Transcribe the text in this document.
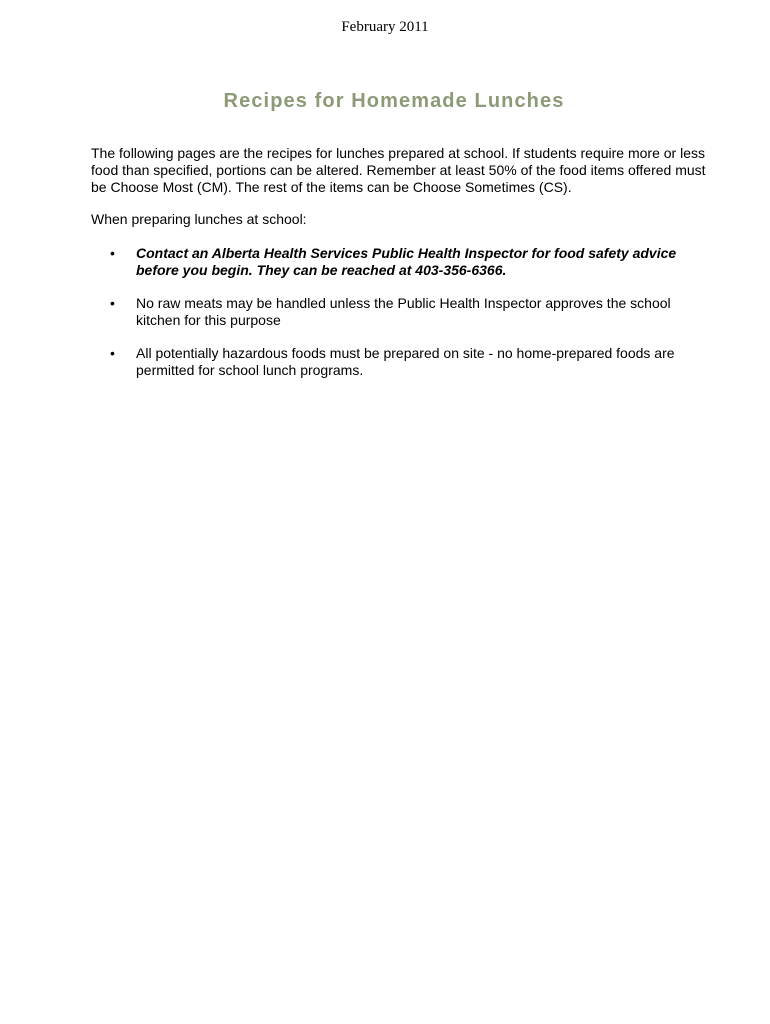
February 2011
Recipes for Homemade Lunches

The following pages are the recipes for lunches prepared at school. If students require more or less food than specified, portions can be altered. Remember at least 50% of the food items offered must be Choose Most (CM). The rest of the items can be Choose Sometimes (CS).

When preparing lunches at school:

• Contact an Alberta Health Services Public Health Inspector for food safety advice before you begin. They can be reached at 403-356-6366.
• No raw meats may be handled unless the Public Health Inspector approves the school kitchen for this purpose
• All potentially hazardous foods must be prepared on site - no home-prepared foods are permitted for school lunch programs.
